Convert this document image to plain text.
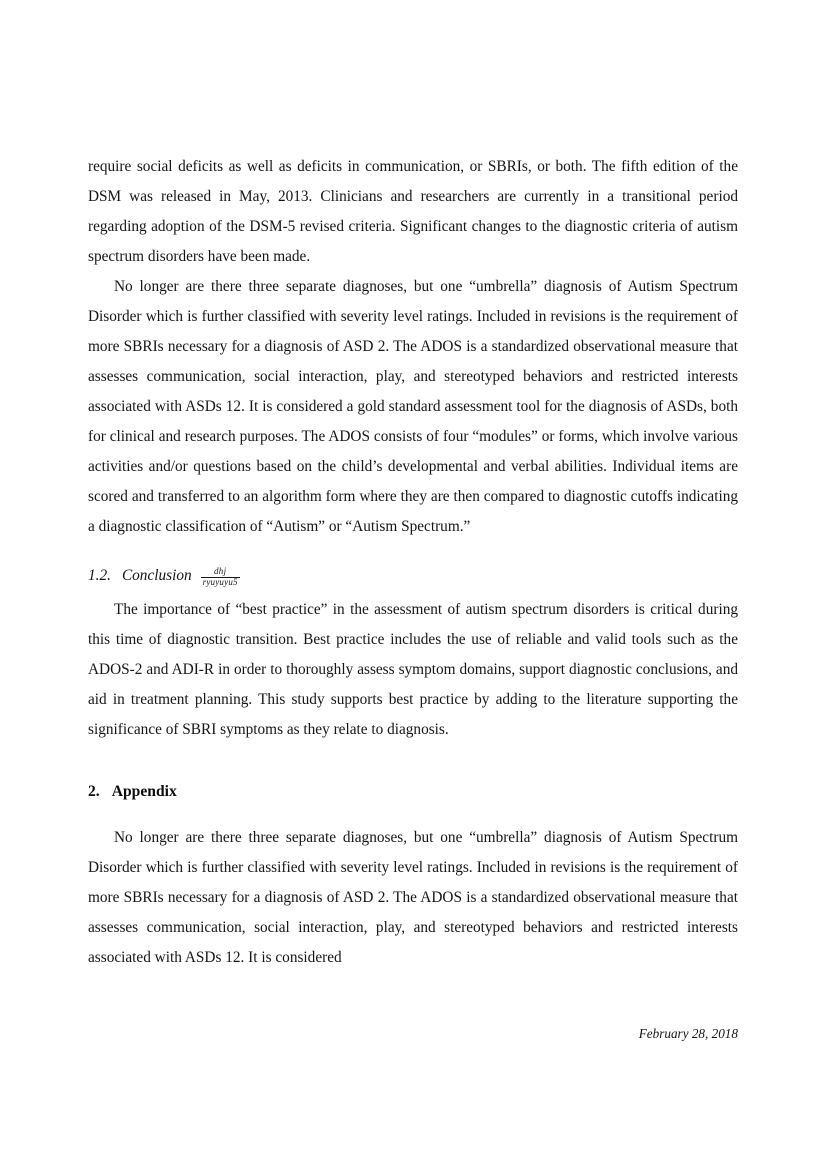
require social deficits as well as deficits in communication, or SBRIs, or both. The fifth edition of the DSM was released in May, 2013. Clinicians and researchers are currently in a transitional period regarding adoption of the DSM-5 revised criteria. Significant changes to the diagnostic criteria of autism spectrum disorders have been made.

No longer are there three separate diagnoses, but one “umbrella” diagnosis of Autism Spectrum Disorder which is further classified with severity level ratings. Included in revisions is the requirement of more SBRIs necessary for a diagnosis of ASD 2. The ADOS is a standardized observational measure that assesses communication, social interaction, play, and stereotyped behaviors and restricted interests associated with ASDs 12. It is considered a gold standard assessment tool for the diagnosis of ASDs, both for clinical and research purposes. The ADOS consists of four “modules” or forms, which involve various activities and/or questions based on the child’s developmental and verbal abilities. Individual items are scored and transferred to an algorithm form where they are then compared to diagnostic cutoffs indicating a diagnostic classification of “Autism” or “Autism Spectrum.”

1.2. Conclusion $\frac{\text{dhj}}{\text{ryuyuyu5}}$

The importance of “best practice” in the assessment of autism spectrum disorders is critical during this time of diagnostic transition. Best practice includes the use of reliable and valid tools such as the ADOS-2 and ADI-R in order to thoroughly assess symptom domains, support diagnostic conclusions, and aid in treatment planning. This study supports best practice by adding to the literature supporting the significance of SBRI symptoms as they relate to diagnosis.

2. Appendix

No longer are there three separate diagnoses, but one “umbrella” diagnosis of Autism Spectrum Disorder which is further classified with severity level ratings. Included in revisions is the requirement of more SBRIs necessary for a diagnosis of ASD 2. The ADOS is a standardized observational measure that assesses communication, social interaction, play, and stereotyped behaviors and restricted interests associated with ASDs 12. It is considered

February 28, 2018
